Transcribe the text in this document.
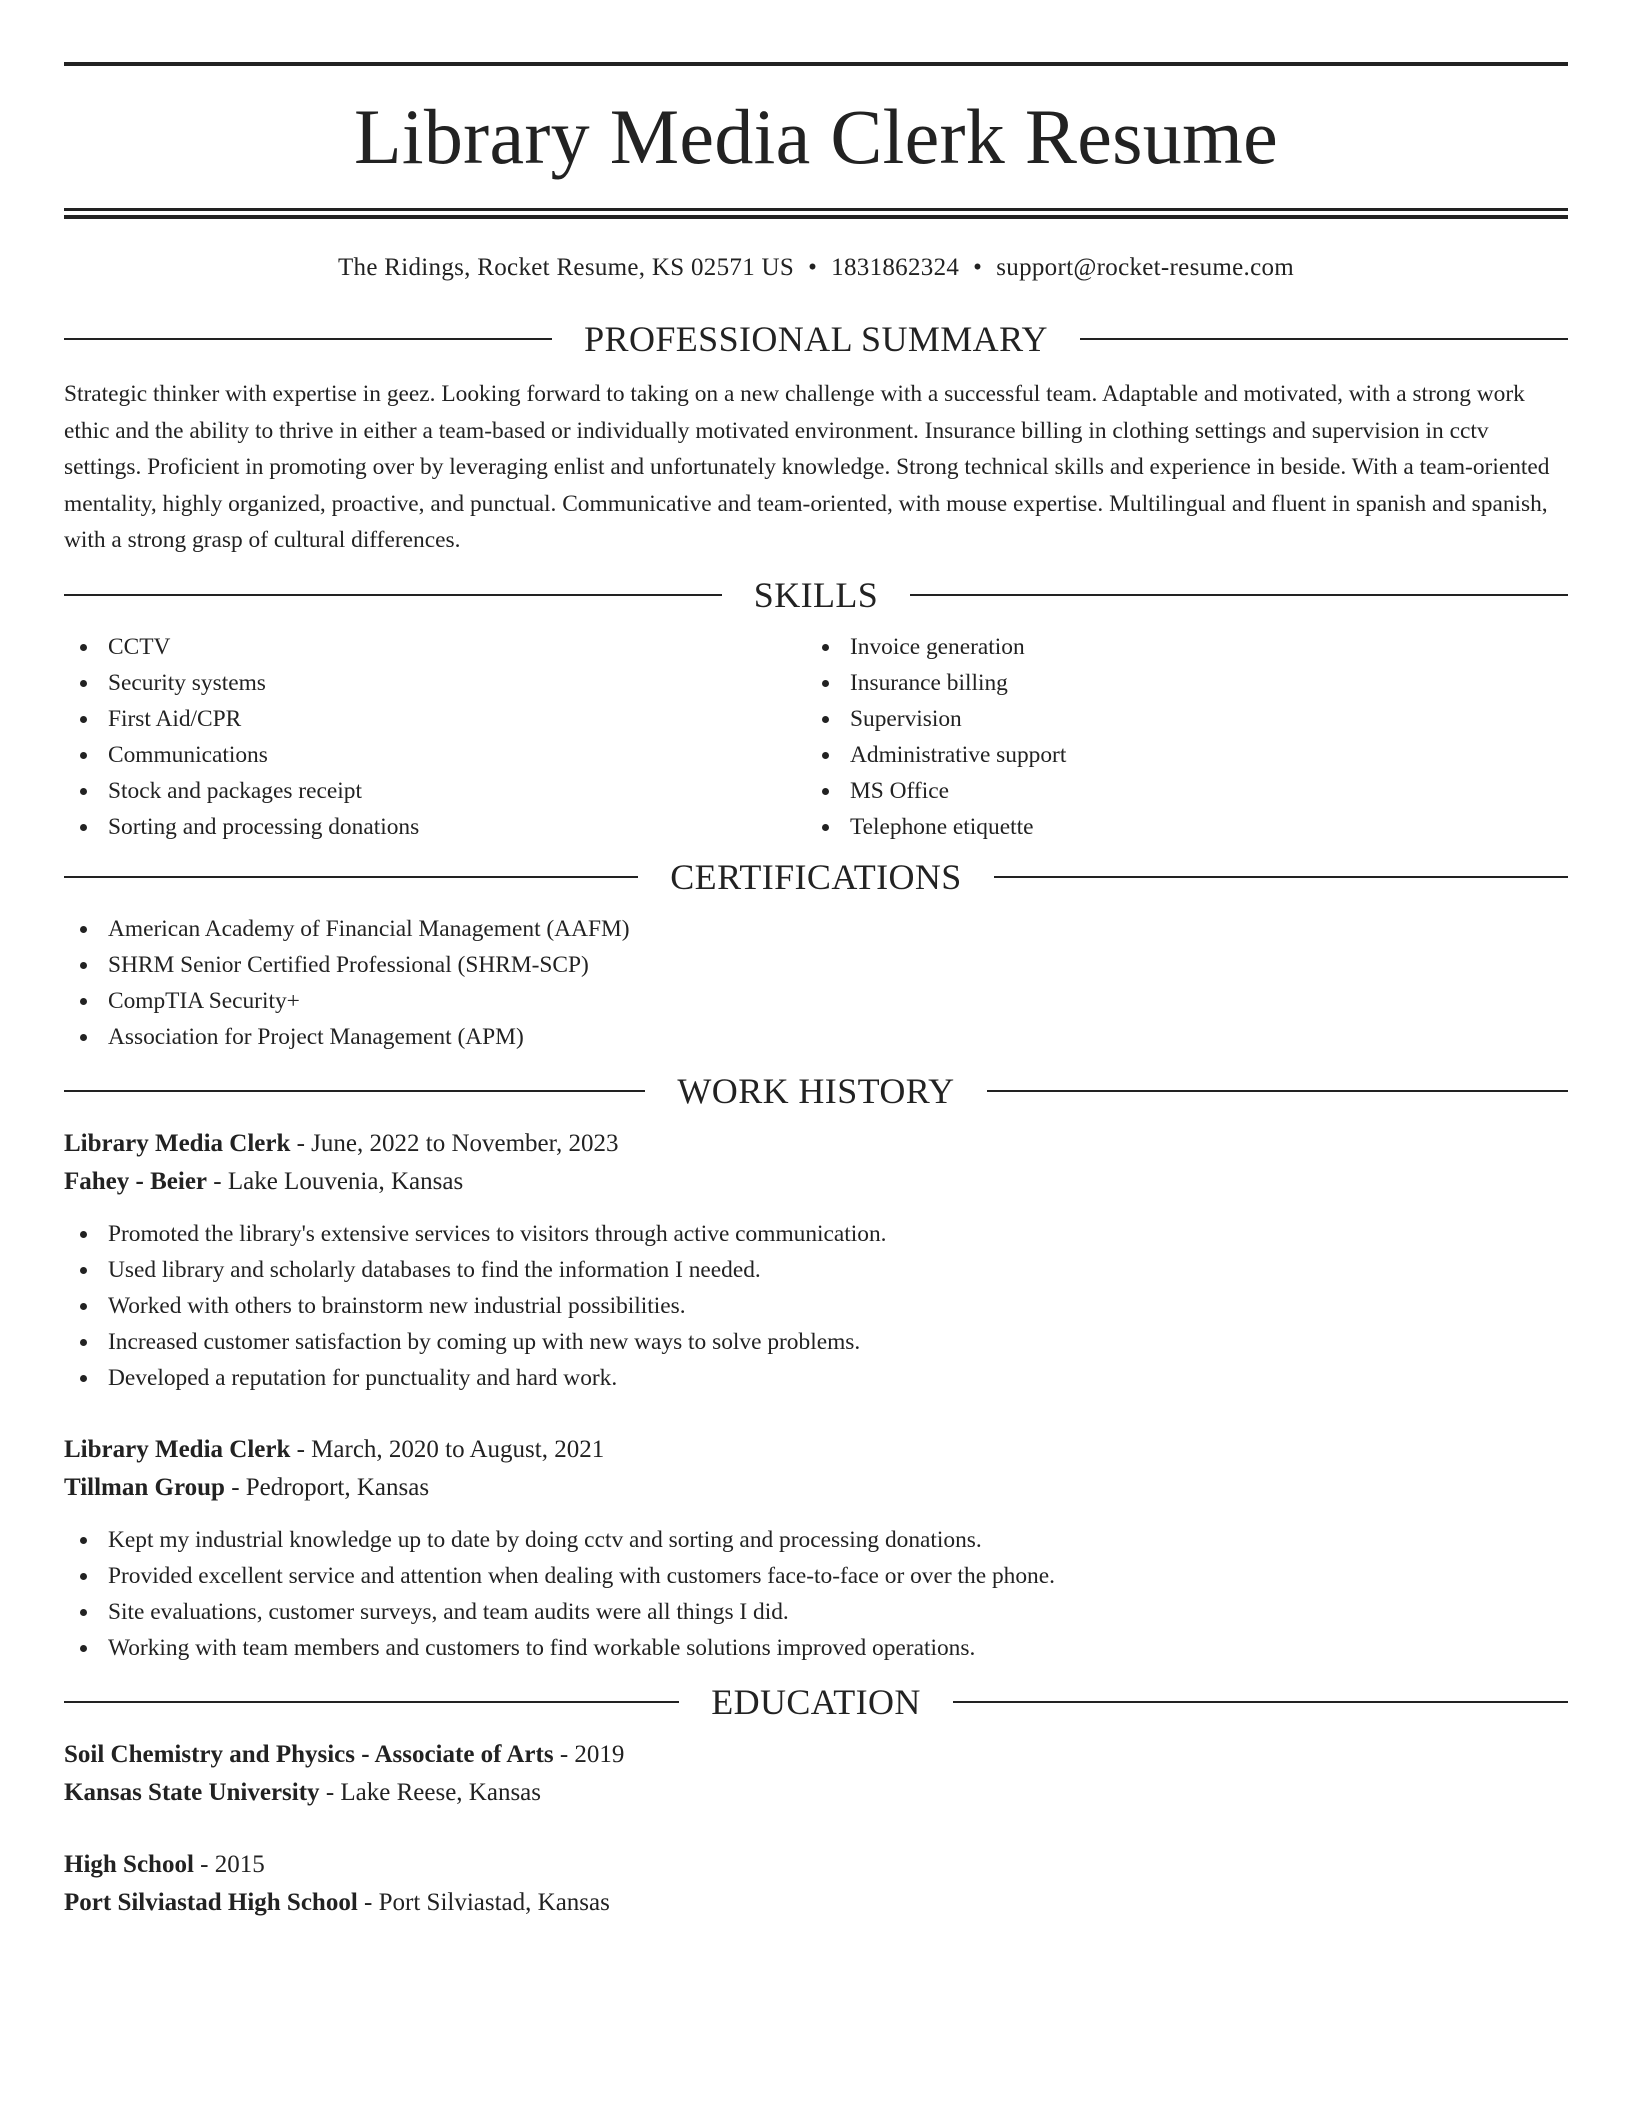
Library Media Clerk Resume
The Ridings, Rocket Resume, KS 02571 US • 1831862324 • support@rocket-resume.com
PROFESSIONAL SUMMARY

Strategic thinker with expertise in geez. Looking forward to taking on a new challenge with a successful team. Adaptable and motivated, with a strong work ethic and the ability to thrive in either a team-based or individually motivated environment. Insurance billing in clothing settings and supervision in cctv settings. Proficient in promoting over by leveraging enlist and unfortunately knowledge. Strong technical skills and experience in beside. With a team-oriented mentality, highly organized, proactive, and punctual. Communicative and team-oriented, with mouse expertise. Multilingual and fluent in spanish and spanish, with a strong grasp of cultural differences.

SKILLS
CCTV
Security systems
First Aid/CPR
Communications
Stock and packages receipt
Sorting and processing donations
Invoice generation
Insurance billing
Supervision
Administrative support
MS Office
Telephone etiquette
CERTIFICATIONS
American Academy of Financial Management (AAFM)
SHRM Senior Certified Professional (SHRM-SCP)
CompTIA Security+
Association for Project Management (APM)
WORK HISTORY
Library Media Clerk - June, 2022 to November, 2023
Fahey - Beier - Lake Louvenia, Kansas
Promoted the library's extensive services to visitors through active communication.
Used library and scholarly databases to find the information I needed.
Worked with others to brainstorm new industrial possibilities.
Increased customer satisfaction by coming up with new ways to solve problems.
Developed a reputation for punctuality and hard work.
Library Media Clerk - March, 2020 to August, 2021
Tillman Group - Pedroport, Kansas
Kept my industrial knowledge up to date by doing cctv and sorting and processing donations.
Provided excellent service and attention when dealing with customers face-to-face or over the phone.
Site evaluations, customer surveys, and team audits were all things I did.
Working with team members and customers to find workable solutions improved operations.
EDUCATION
Soil Chemistry and Physics - Associate of Arts - 2019
Kansas State University - Lake Reese, Kansas
High School - 2015
Port Silviastad High School - Port Silviastad, Kansas
